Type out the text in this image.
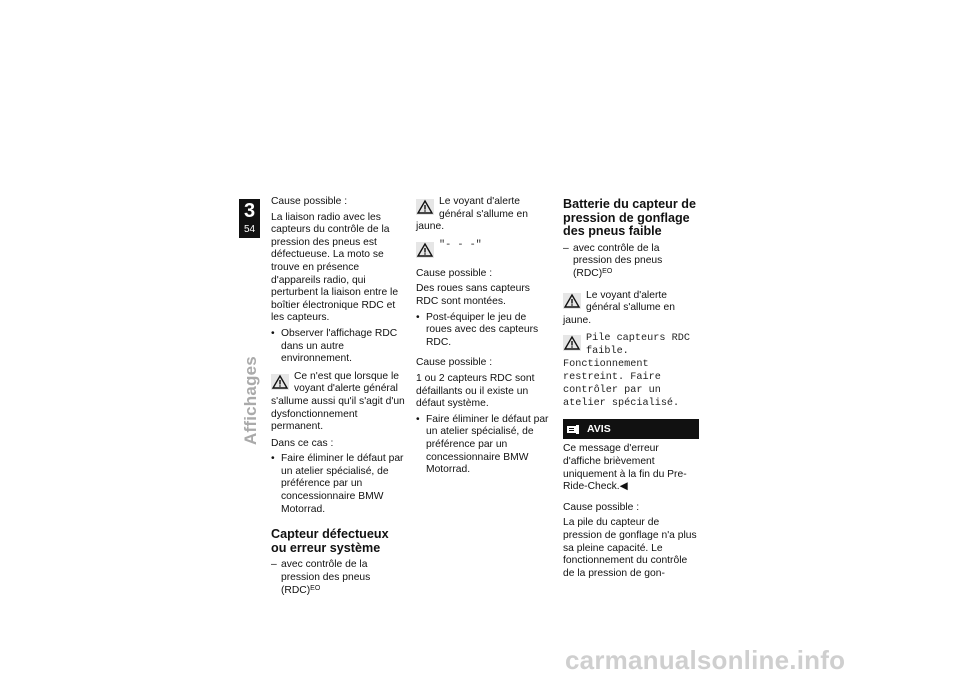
3
54
Affichages

Cause possible :

La liaison radio avec les capteurs du contrôle de la pression des pneus est défectueuse. La moto se trouve en présence d'appareils radio, qui perturbent la liaison entre le boîtier électronique RDC et les capteurs.

• Observer l'affichage RDC dans un autre environnement.

Ce n'est que lorsque le voyant d'alerte général s'allume aussi qu'il s'agit d'un dysfonctionnement permanent.

Dans ce cas :

• Faire éliminer le défaut par un atelier spécialisé, de préférence par un concessionnaire BMW Motorrad.

Capteur défectueux ou erreur système

– avec contrôle de la pression des pneus (RDC)$^{EO}$

Le voyant d'alerte général s'allume en jaune.

"- - -"

Cause possible :

Des roues sans capteurs RDC sont montées.

• Post-équiper le jeu de roues avec des capteurs RDC.

Cause possible :

1 ou 2 capteurs RDC sont défaillants ou il existe un défaut système.

• Faire éliminer le défaut par un atelier spécialisé, de préférence par un concessionnaire BMW Motorrad.

Batterie du capteur de pression de gonflage des pneus faible

– avec contrôle de la pression des pneus (RDC)$^{EO}$

Le voyant d'alerte général s'allume en jaune.

Pile capteurs RDC faible. Fonctionnement restreint. Faire contrôler par un atelier spécialisé.

AVIS

Ce message d'erreur d'affiche brièvement uniquement à la fin du Pre-Ride-Check.◀

Cause possible :

La pile du capteur de pression de gonflage n'a plus sa pleine capacité. Le fonctionnement du contrôle de la pression de gon-

carmanualsonline.info
